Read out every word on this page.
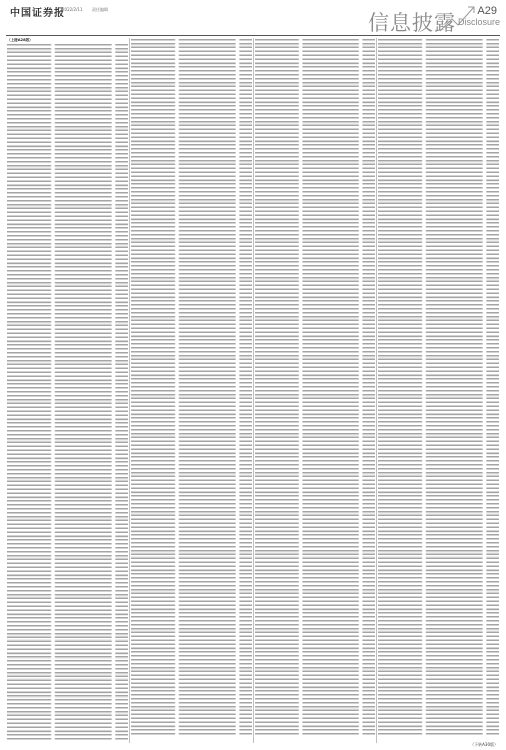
中国证券报
2022/2/11 责任编辑
信息披露 A29
Disclosure
（上接A28版）
（下转A30版）
